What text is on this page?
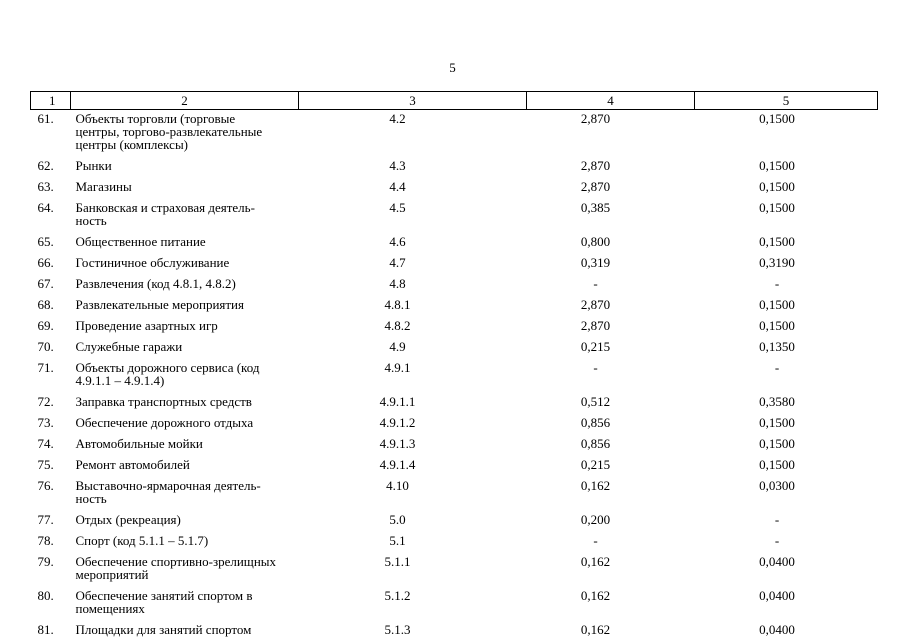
5
1	2	3	4	5
61.	Объекты торговли (торговые центры, торгово-развлекательные центры (комплексы)	4.2	2,870	0,1500
62.	Рынки	4.3	2,870	0,1500
63.	Магазины	4.4	2,870	0,1500
64.	Банковская и страховая деятель-ность	4.5	0,385	0,1500
65.	Общественное питание	4.6	0,800	0,1500
66.	Гостиничное обслуживание	4.7	0,319	0,3190
67.	Развлечения (код 4.8.1, 4.8.2)	4.8	-	-
68.	Развлекательные мероприятия	4.8.1	2,870	0,1500
69.	Проведение азартных игр	4.8.2	2,870	0,1500
70.	Служебные гаражи	4.9	0,215	0,1350
71.	Объекты дорожного сервиса (код 4.9.1.1 – 4.9.1.4)	4.9.1	-	-
72.	Заправка транспортных средств	4.9.1.1	0,512	0,3580
73.	Обеспечение дорожного отдыха	4.9.1.2	0,856	0,1500
74.	Автомобильные мойки	4.9.1.3	0,856	0,1500
75.	Ремонт автомобилей	4.9.1.4	0,215	0,1500
76.	Выставочно-ярмарочная деятель-ность	4.10	0,162	0,0300
77.	Отдых (рекреация)	5.0	0,200	-
78.	Спорт (код 5.1.1 – 5.1.7)	5.1	-	-
79.	Обеспечение спортивно-зрелищных мероприятий	5.1.1	0,162	0,0400
80.	Обеспечение занятий спортом в помещениях	5.1.2	0,162	0,0400
81.	Площадки для занятий спортом	5.1.3	0,162	0,0400
